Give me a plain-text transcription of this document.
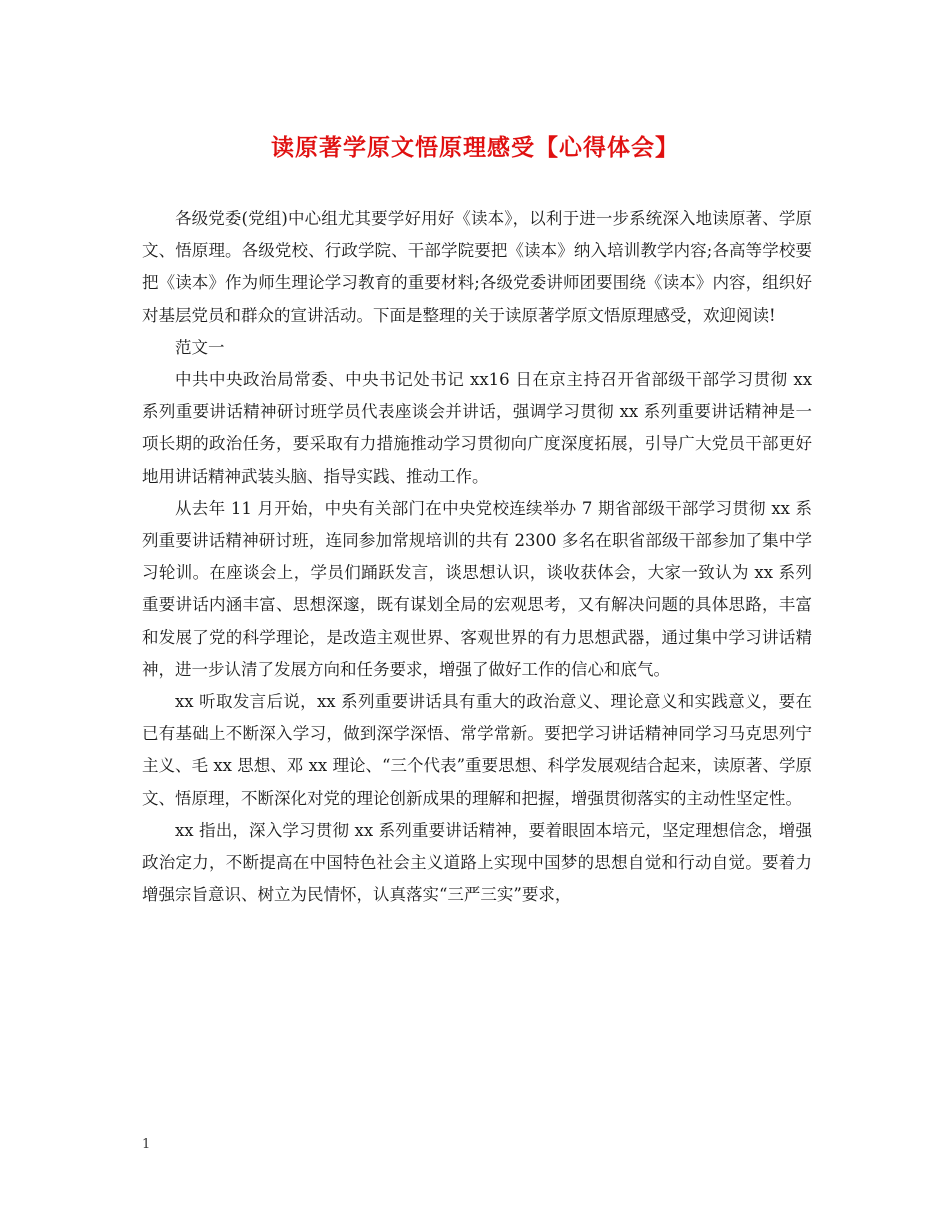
读原著学原文悟原理感受【心得体会】

各级党委(党组)中心组尤其要学好用好《读本》，以利于进一步系统深入地读原著、学原文、悟原理。各级党校、行政学院、干部学院要把《读本》纳入培训教学内容;各高等学校要把《读本》作为师生理论学习教育的重要材料;各级党委讲师团要围绕《读本》内容，组织好对基层党员和群众的宣讲活动。下面是整理的关于读原著学原文悟原理感受，欢迎阅读!

范文一

中共中央政治局常委、中央书记处书记 xx16 日在京主持召开省部级干部学习贯彻 xx 系列重要讲话精神研讨班学员代表座谈会并讲话，强调学习贯彻 xx 系列重要讲话精神是一项长期的政治任务，要采取有力措施推动学习贯彻向广度深度拓展，引导广大党员干部更好地用讲话精神武装头脑、指导实践、推动工作。

从去年 11 月开始，中央有关部门在中央党校连续举办 7 期省部级干部学习贯彻 xx 系列重要讲话精神研讨班，连同参加常规培训的共有 2300 多名在职省部级干部参加了集中学习轮训。在座谈会上，学员们踊跃发言，谈思想认识，谈收获体会，大家一致认为 xx 系列重要讲话内涵丰富、思想深邃，既有谋划全局的宏观思考，又有解决问题的具体思路，丰富和发展了党的科学理论，是改造主观世界、客观世界的有力思想武器，通过集中学习讲话精神，进一步认清了发展方向和任务要求，增强了做好工作的信心和底气。

xx 听取发言后说，xx 系列重要讲话具有重大的政治意义、理论意义和实践意义，要在已有基础上不断深入学习，做到深学深悟、常学常新。要把学习讲话精神同学习马克思列宁主义、毛 xx 思想、邓 xx 理论、“三个代表”重要思想、科学发展观结合起来，读原著、学原文、悟原理，不断深化对党的理论创新成果的理解和把握，增强贯彻落实的主动性坚定性。

xx 指出，深入学习贯彻 xx 系列重要讲话精神，要着眼固本培元，坚定理想信念，增强政治定力，不断提高在中国特色社会主义道路上实现中国梦的思想自觉和行动自觉。要着力增强宗旨意识、树立为民情怀，认真落实“三严三实”要求，

1
